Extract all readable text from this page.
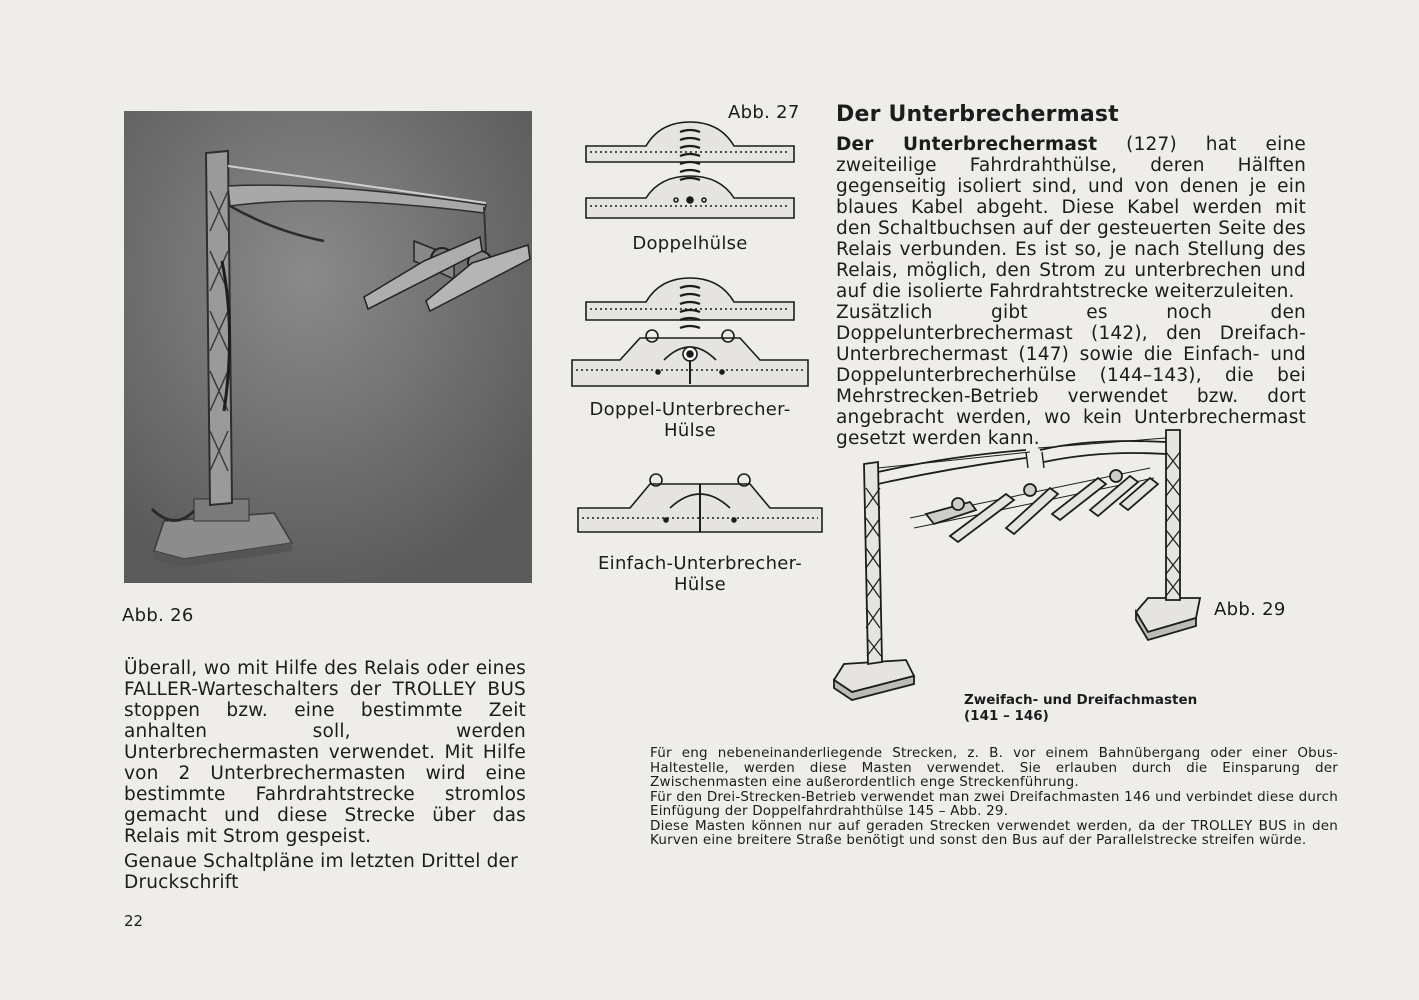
Abb. 26

Überall, wo mit Hilfe des Relais oder eines FALLER-Warteschalters der TROLLEY BUS stoppen bzw. eine bestimmte Zeit anhalten soll, werden Unterbrechermasten verwendet. Mit Hilfe von 2 Unterbrechermasten wird eine bestimmte Fahrdrahtstrecke stromlos gemacht und diese Strecke über das Relais mit Strom gespeist.

Genaue Schaltpläne im letzten Drittel der Druckschrift

22
Abb. 27
Doppelhülse
Doppel-Unterbrecher-
Hülse
Einfach-Unterbrecher-
Hülse
Der Unterbrechermast

Der Unterbrechermast (127) hat eine zweiteilige Fahrdrahthülse, deren Hälften gegenseitig isoliert sind, und von denen je ein blaues Kabel abgeht. Diese Kabel werden mit den Schaltbuchsen auf der gesteuerten Seite des Relais verbunden. Es ist so, je nach Stellung des Relais, möglich, den Strom zu unterbrechen und auf die isolierte Fahrdrahtstrecke weiterzuleiten.

Zusätzlich gibt es noch den Doppelunterbrechermast (142), den Dreifach-Unterbrechermast (147) sowie die Einfach- und Doppelunterbrecherhülse (144–143), die bei Mehrstrecken-Betrieb verwendet bzw. dort angebracht werden, wo kein Unterbrechermast gesetzt werden kann.

Abb. 29
Zweifach- und Dreifachmasten
(141 – 146)
Für eng nebeneinanderliegende Strecken, z. B. vor einem Bahnübergang oder einer Obus-Haltestelle, werden diese Masten verwendet. Sie erlauben durch die Einsparung der Zwischenmasten eine außerordentlich enge Streckenführung.
Für den Drei-Strecken-Betrieb verwendet man zwei Dreifachmasten 146 und verbindet diese durch Einfügung der Doppelfahrdrahthülse 145 – Abb. 29.
Diese Masten können nur auf geraden Strecken verwendet werden, da der TROLLEY BUS in den Kurven eine breitere Straße benötigt und sonst den Bus auf der Parallelstrecke streifen würde.
